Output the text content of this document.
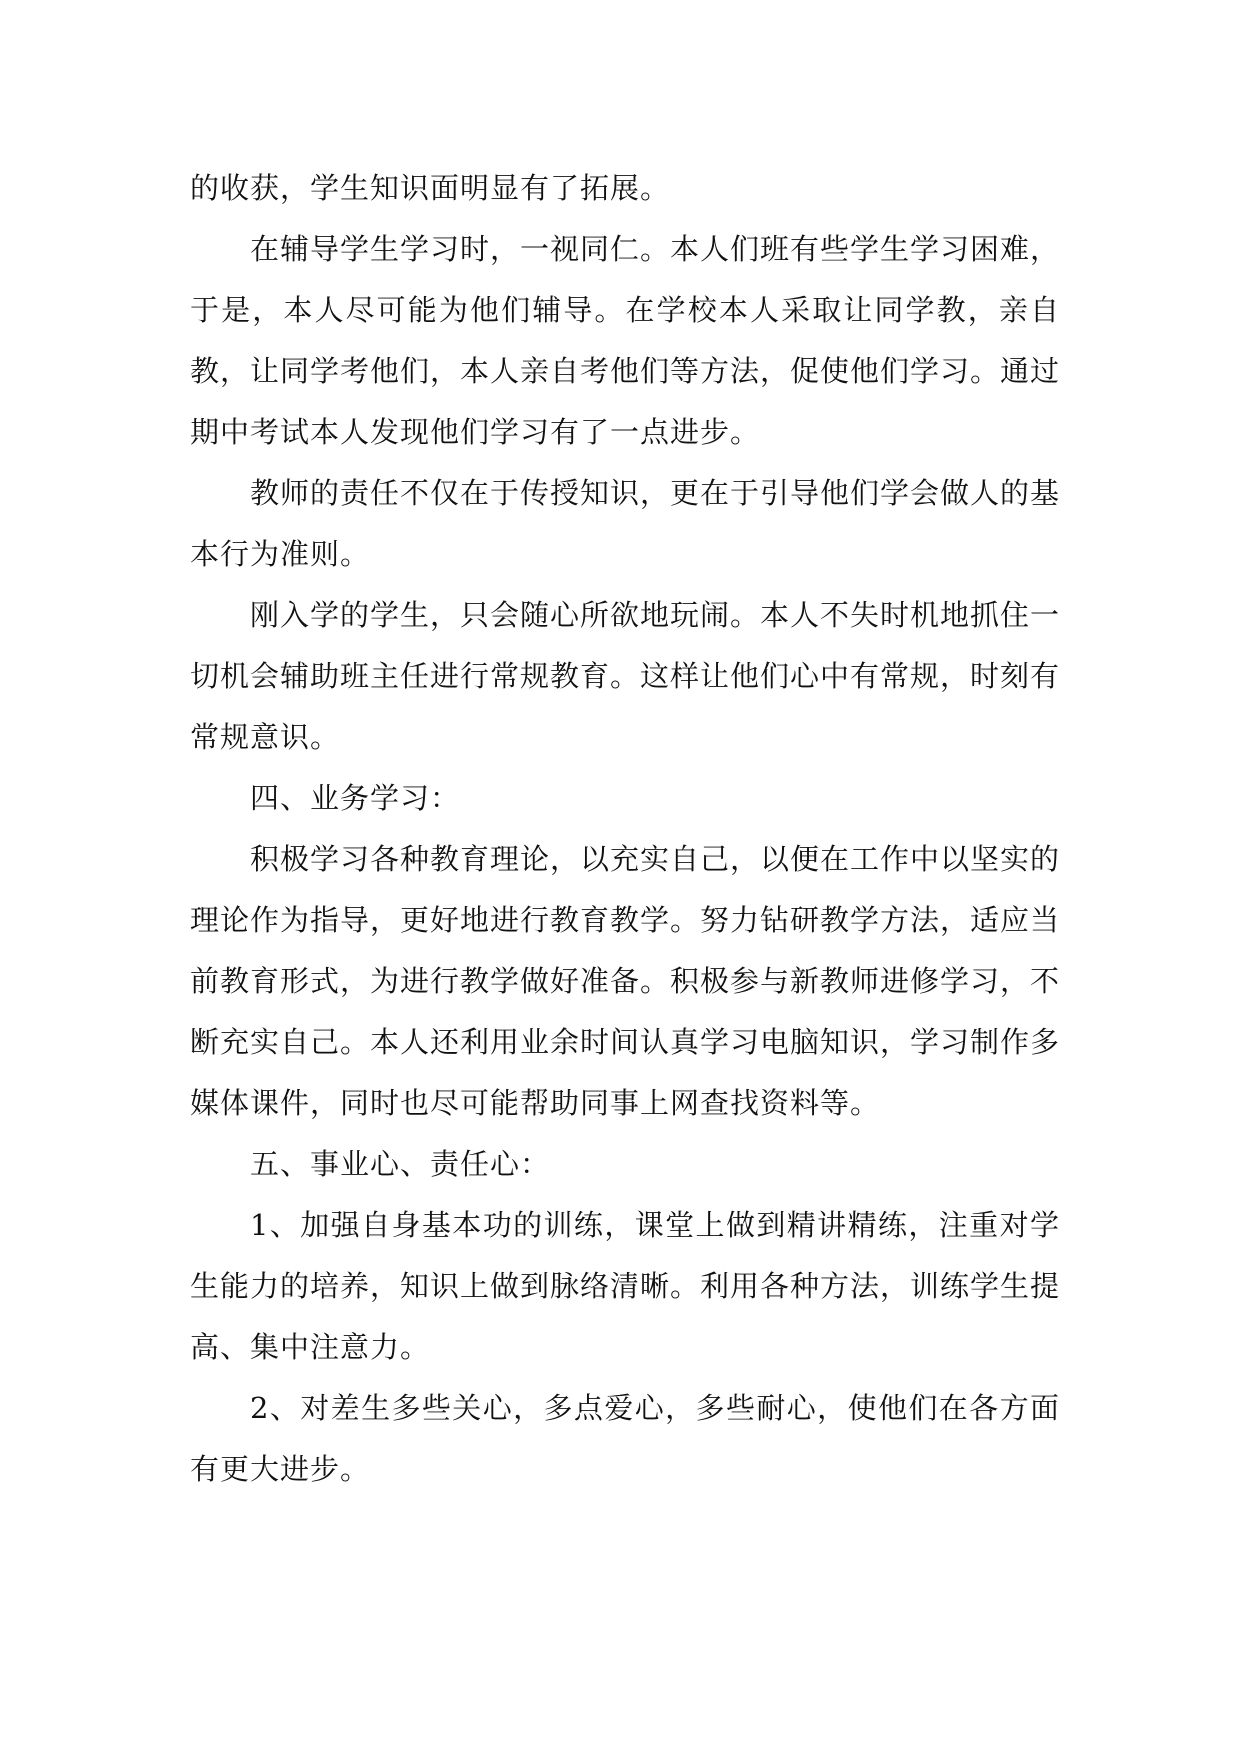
的收获，学生知识面明显有了拓展。

在辅导学生学习时，一视同仁。本人们班有些学生学习困难，于是，本人尽可能为他们辅导。在学校本人采取让同学教，亲自教，让同学考他们，本人亲自考他们等方法，促使他们学习。通过期中考试本人发现他们学习有了一点进步。

教师的责任不仅在于传授知识，更在于引导他们学会做人的基本行为准则。

刚入学的学生，只会随心所欲地玩闹。本人不失时机地抓住一切机会辅助班主任进行常规教育。这样让他们心中有常规，时刻有常规意识。

四、业务学习：

积极学习各种教育理论，以充实自己，以便在工作中以坚实的理论作为指导，更好地进行教育教学。努力钻研教学方法，适应当前教育形式，为进行教学做好准备。积极参与新教师进修学习，不断充实自己。本人还利用业余时间认真学习电脑知识，学习制作多媒体课件，同时也尽可能帮助同事上网查找资料等。

五、事业心、责任心：

1、加强自身基本功的训练，课堂上做到精讲精练，注重对学生能力的培养，知识上做到脉络清晰。利用各种方法，训练学生提高、集中注意力。

2、对差生多些关心，多点爱心，多些耐心，使他们在各方面有更大进步。
